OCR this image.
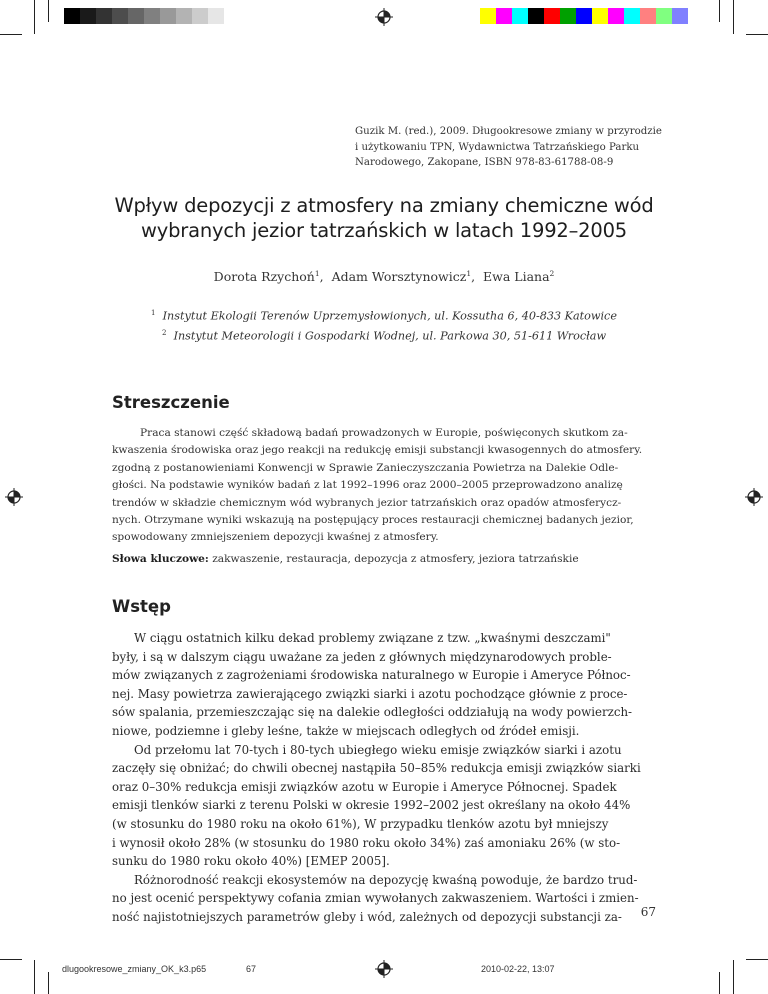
Guzik M. (red.), 2009. Długookresowe zmiany w przyrodzie
i użytkowaniu TPN, Wydawnictwa Tatrzańskiego Parku
Narodowego, Zakopane, ISBN 978-83-61788-08-9
Wpływ depozycji z atmosfery na zmiany chemiczne wód
wybranych jezior tatrzańskich w latach 1992–2005
Dorota Rzychoń$^1$,  Adam Worsztynowicz$^1$,  Ewa Liana$^2$
$^1$ Instytut Ekologii Terenów Uprzemysłowionych, ul. Kossutha 6, 40-833 Katowice
$^2$ Instytut Meteorologii i Gospodarki Wodnej, ul. Parkowa 30, 51-611 Wrocław
Streszczenie
Praca stanowi część składową badań prowadzonych w Europie, poświęconych skutkom za-
kwaszenia środowiska oraz jego reakcji na redukcję emisji substancji kwasogennych do atmosfery.
zgodną z postanowieniami Konwencji w Sprawie Zanieczyszczania Powietrza na Dalekie Odle-
głości. Na podstawie wyników badań z lat 1992–1996 oraz 2000–2005 przeprowadzono analizę
trendów w składzie chemicznym wód wybranych jezior tatrzańskich oraz opadów atmosferycz-
nych. Otrzymane wyniki wskazują na postępujący proces restauracji chemicznej badanych jezior,
spowodowany zmniejszeniem depozycji kwaśnej z atmosfery.
Słowa kluczowe: zakwaszenie, restauracja, depozycja z atmosfery, jeziora tatrzańskie
Wstęp
W ciągu ostatnich kilku dekad problemy związane z tzw. „kwaśnymi deszczami"
były, i są w dalszym ciągu uważane za jeden z głównych międzynarodowych proble-
mów związanych z zagrożeniami środowiska naturalnego w Europie i Ameryce Północ-
nej. Masy powietrza zawierającego związki siarki i azotu pochodzące głównie z proce-
sów spalania, przemieszczając się na dalekie odległości oddziałują na wody powierzch-
niowe, podziemne i gleby leśne, także w miejscach odległych od źródeł emisji.
Od przełomu lat 70-tych i 80-tych ubiegłego wieku emisje związków siarki i azotu
zaczęły się obniżać; do chwili obecnej nastąpiła 50–85% redukcja emisji związków siarki
oraz 0–30% redukcja emisji związków azotu w Europie i Ameryce Północnej. Spadek
emisji tlenków siarki z terenu Polski w okresie 1992–2002 jest określany na około 44%
(w stosunku do 1980 roku na około 61%), W przypadku tlenków azotu był mniejszy
i wynosił około 28% (w stosunku do 1980 roku około 34%) zaś amoniaku 26% (w sto-
sunku do 1980 roku około 40%) [EMEP 2005].
Różnorodność reakcji ekosystemów na depozycję kwaśną powoduje, że bardzo trud-
no jest ocenić perspektywy cofania zmian wywołanych zakwaszeniem. Wartości i zmien-
ność najistotniejszych parametrów gleby i wód, zależnych od depozycji substancji za-	67
dlugookresowe_zmiany_OK_k3.p65	67	2010-02-22, 13:07
